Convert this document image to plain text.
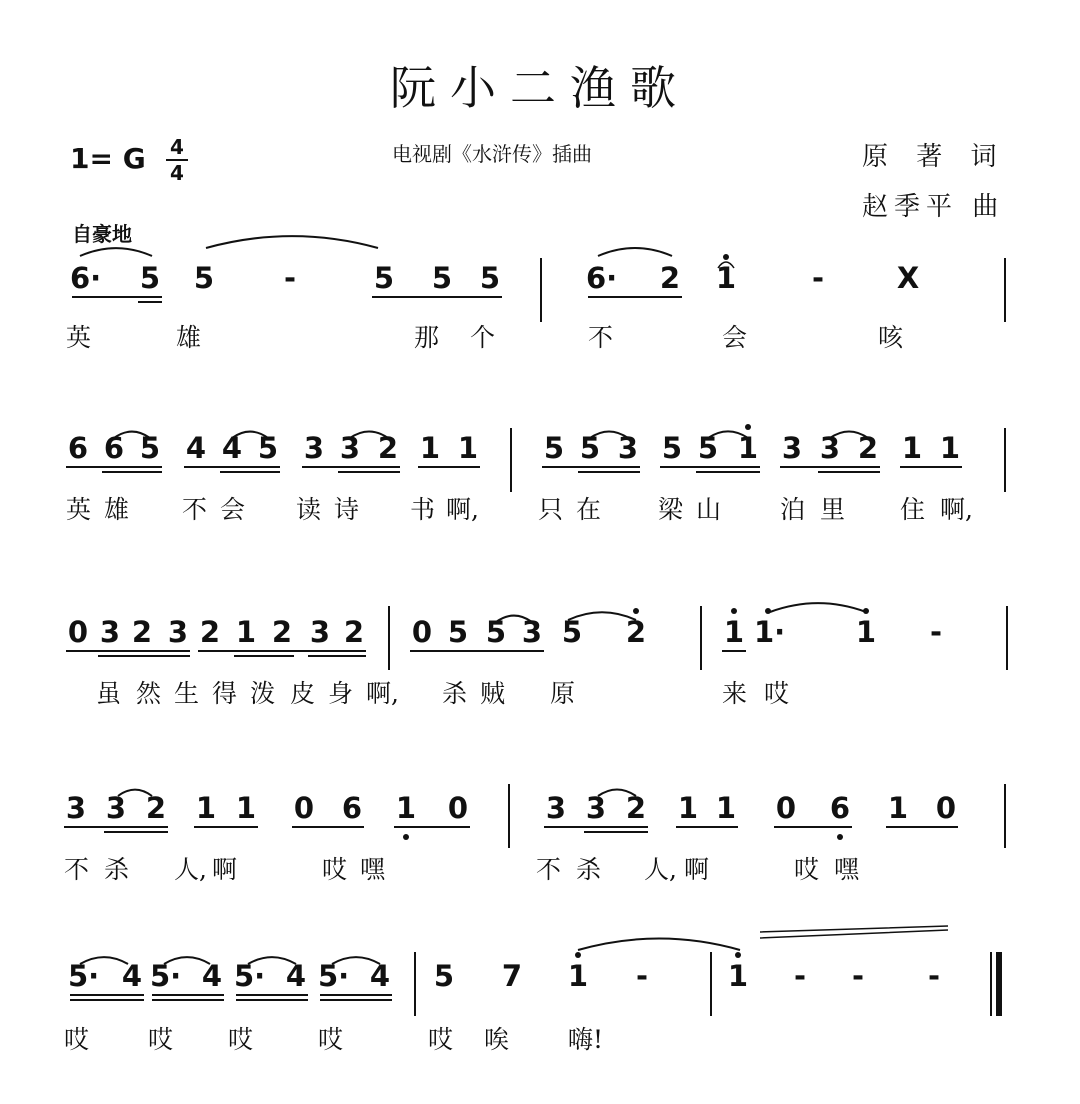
阮小二渔歌
1= G 4
4
电视剧《水浒传》插曲	原 著 词
赵季平 曲
自豪地
6· 5 5 -	5 5 5	6· 2 1	-	X
英	雄	那 个	不	会	咳
6 6 5 4 4 5 3 3 2 1 1 5 5 3 5 5 1 3 3 2 1 1
英 雄 不 会 读 诗 书 啊, 只 在 梁 山 泊 里 住 啊,
0 3 2 3 2 1 2 3 2 0 5 5 3 5 2	1 1· 1 -
虽 然 生 得 泼 皮 身 啊, 杀 贼 原	来 哎
3 3 2 1 1 0 6 1 0	3 3 2 1 1 0 6 1 0
不 杀 人, 啊	哎 嘿	不 杀 人, 啊	哎 嘿
5· 4 5· 4 5· 4 5· 4 5 7 1 -	1 - - -
哎 哎 哎	哎	哎 唉 嗨!
